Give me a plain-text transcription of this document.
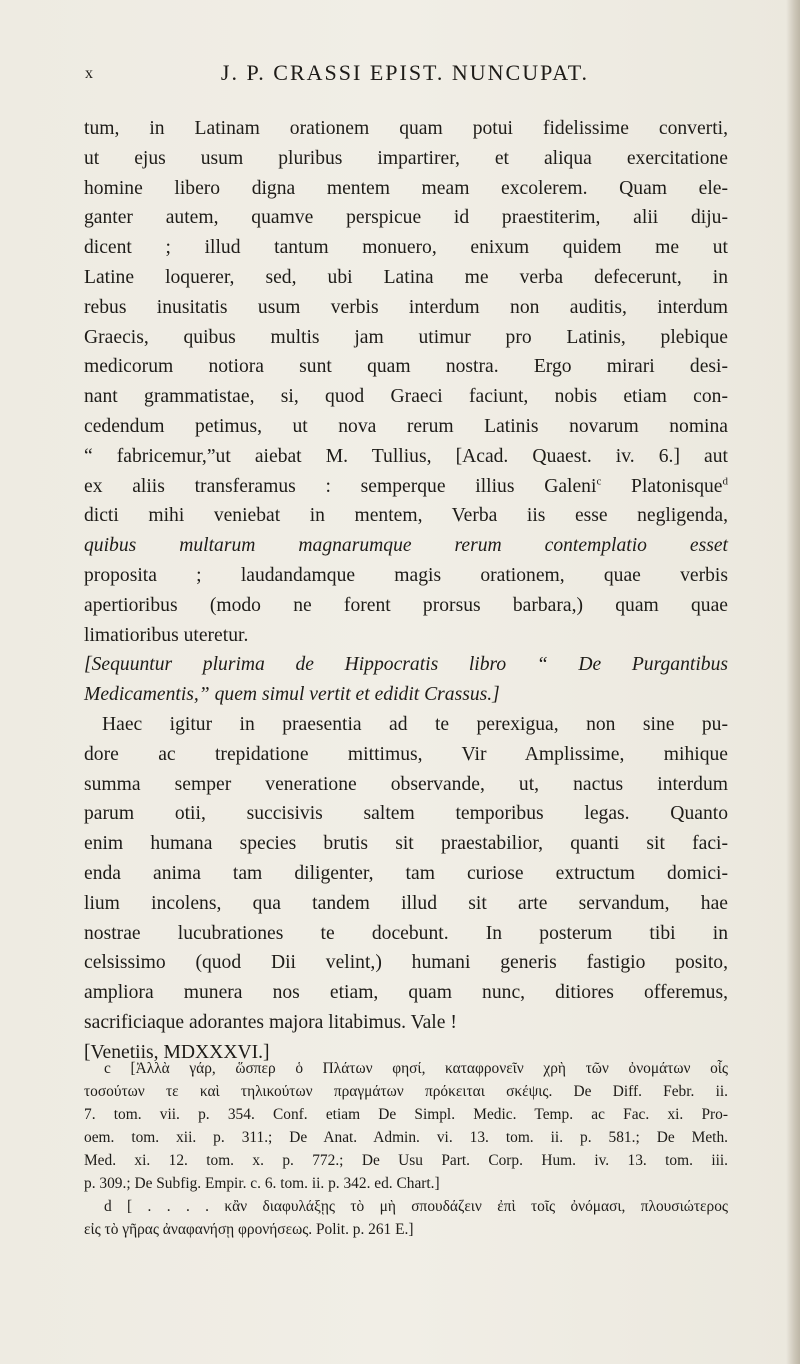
x	J. P. CRASSI EPIST. NUNCUPAT.
tum, in Latinam orationem quam potui fidelissime converti,
ut ejus usum pluribus impartirer, et aliqua exercitatione
homine libero digna mentem meam excolerem. Quam ele-
ganter autem, quamve perspicue id praestiterim, alii diju-
dicent ; illud tantum monuero, enixum quidem me ut
Latine loquerer, sed, ubi Latina me verba defecerunt, in
rebus inusitatis usum verbis interdum non auditis, interdum
Graecis, quibus multis jam utimur pro Latinis, plebique
medicorum notiora sunt quam nostra. Ergo mirari desi-
nant grammatistae, si, quod Graeci faciunt, nobis etiam con-
cedendum petimus, ut nova rerum Latinis novarum nomina
“ fabricemur,”ut aiebat M. Tullius, [Acad. Quaest. iv. 6.] aut
ex aliis transferamus : semperque illius Galeni$^c$ Platonisque$^d$
dicti mihi veniebat in mentem, Verba iis esse negligenda,
quibus multarum magnarumque rerum contemplatio esset
proposita ; laudandamque magis orationem, quae verbis
apertioribus (modo ne forent prorsus barbara,) quam quae
limatioribus uteretur.
[Sequuntur plurima de Hippocratis libro “ De Purgantibus
Medicamentis,” quem simul vertit et edidit Crassus.]
Haec igitur in praesentia ad te perexigua, non sine pu-
dore ac trepidatione mittimus, Vir Amplissime, mihique
summa semper veneratione observande, ut, nactus interdum
parum otii, succisivis saltem temporibus legas. Quanto
enim humana species brutis sit praestabilior, quanti sit faci-
enda anima tam diligenter, tam curiose extructum domici-
lium incolens, qua tandem illud sit arte servandum, hae
nostrae lucubrationes te docebunt. In posterum tibi in
celsissimo (quod Dii velint,) humani generis fastigio posito,
ampliora munera nos etiam, quam nunc, ditiores offeremus,
sacrificiaque adorantes majora litabimus. Vale !
[Venetiis, MDXXXVI.]
c [Ἀλλὰ γάρ, ὥσπερ ὁ Πλάτων φησί, καταφρονεῖν χρὴ τῶν ὀνομάτων οἷς
τοσούτων τε καὶ τηλικούτων πραγμάτων πρόκειται σκέψις. De Diff. Febr. ii.
7. tom. vii. p. 354. Conf. etiam De Simpl. Medic. Temp. ac Fac. xi. Pro-
oem. tom. xii. p. 311.; De Anat. Admin. vi. 13. tom. ii. p. 581.; De Meth.
Med. xi. 12. tom. x. p. 772.; De Usu Part. Corp. Hum. iv. 13. tom. iii.
p. 309.; De Subfig. Empir. c. 6. tom. ii. p. 342. ed. Chart.]
d [ . . . . κἂν διαφυλάξῃς τὸ μὴ σπουδάζειν ἐπὶ τοῖς ὀνόμασι, πλουσιώτερος
εἰς τὸ γῆρας ἀναφανήσῃ φρονήσεως. Polit. p. 261 E.]
